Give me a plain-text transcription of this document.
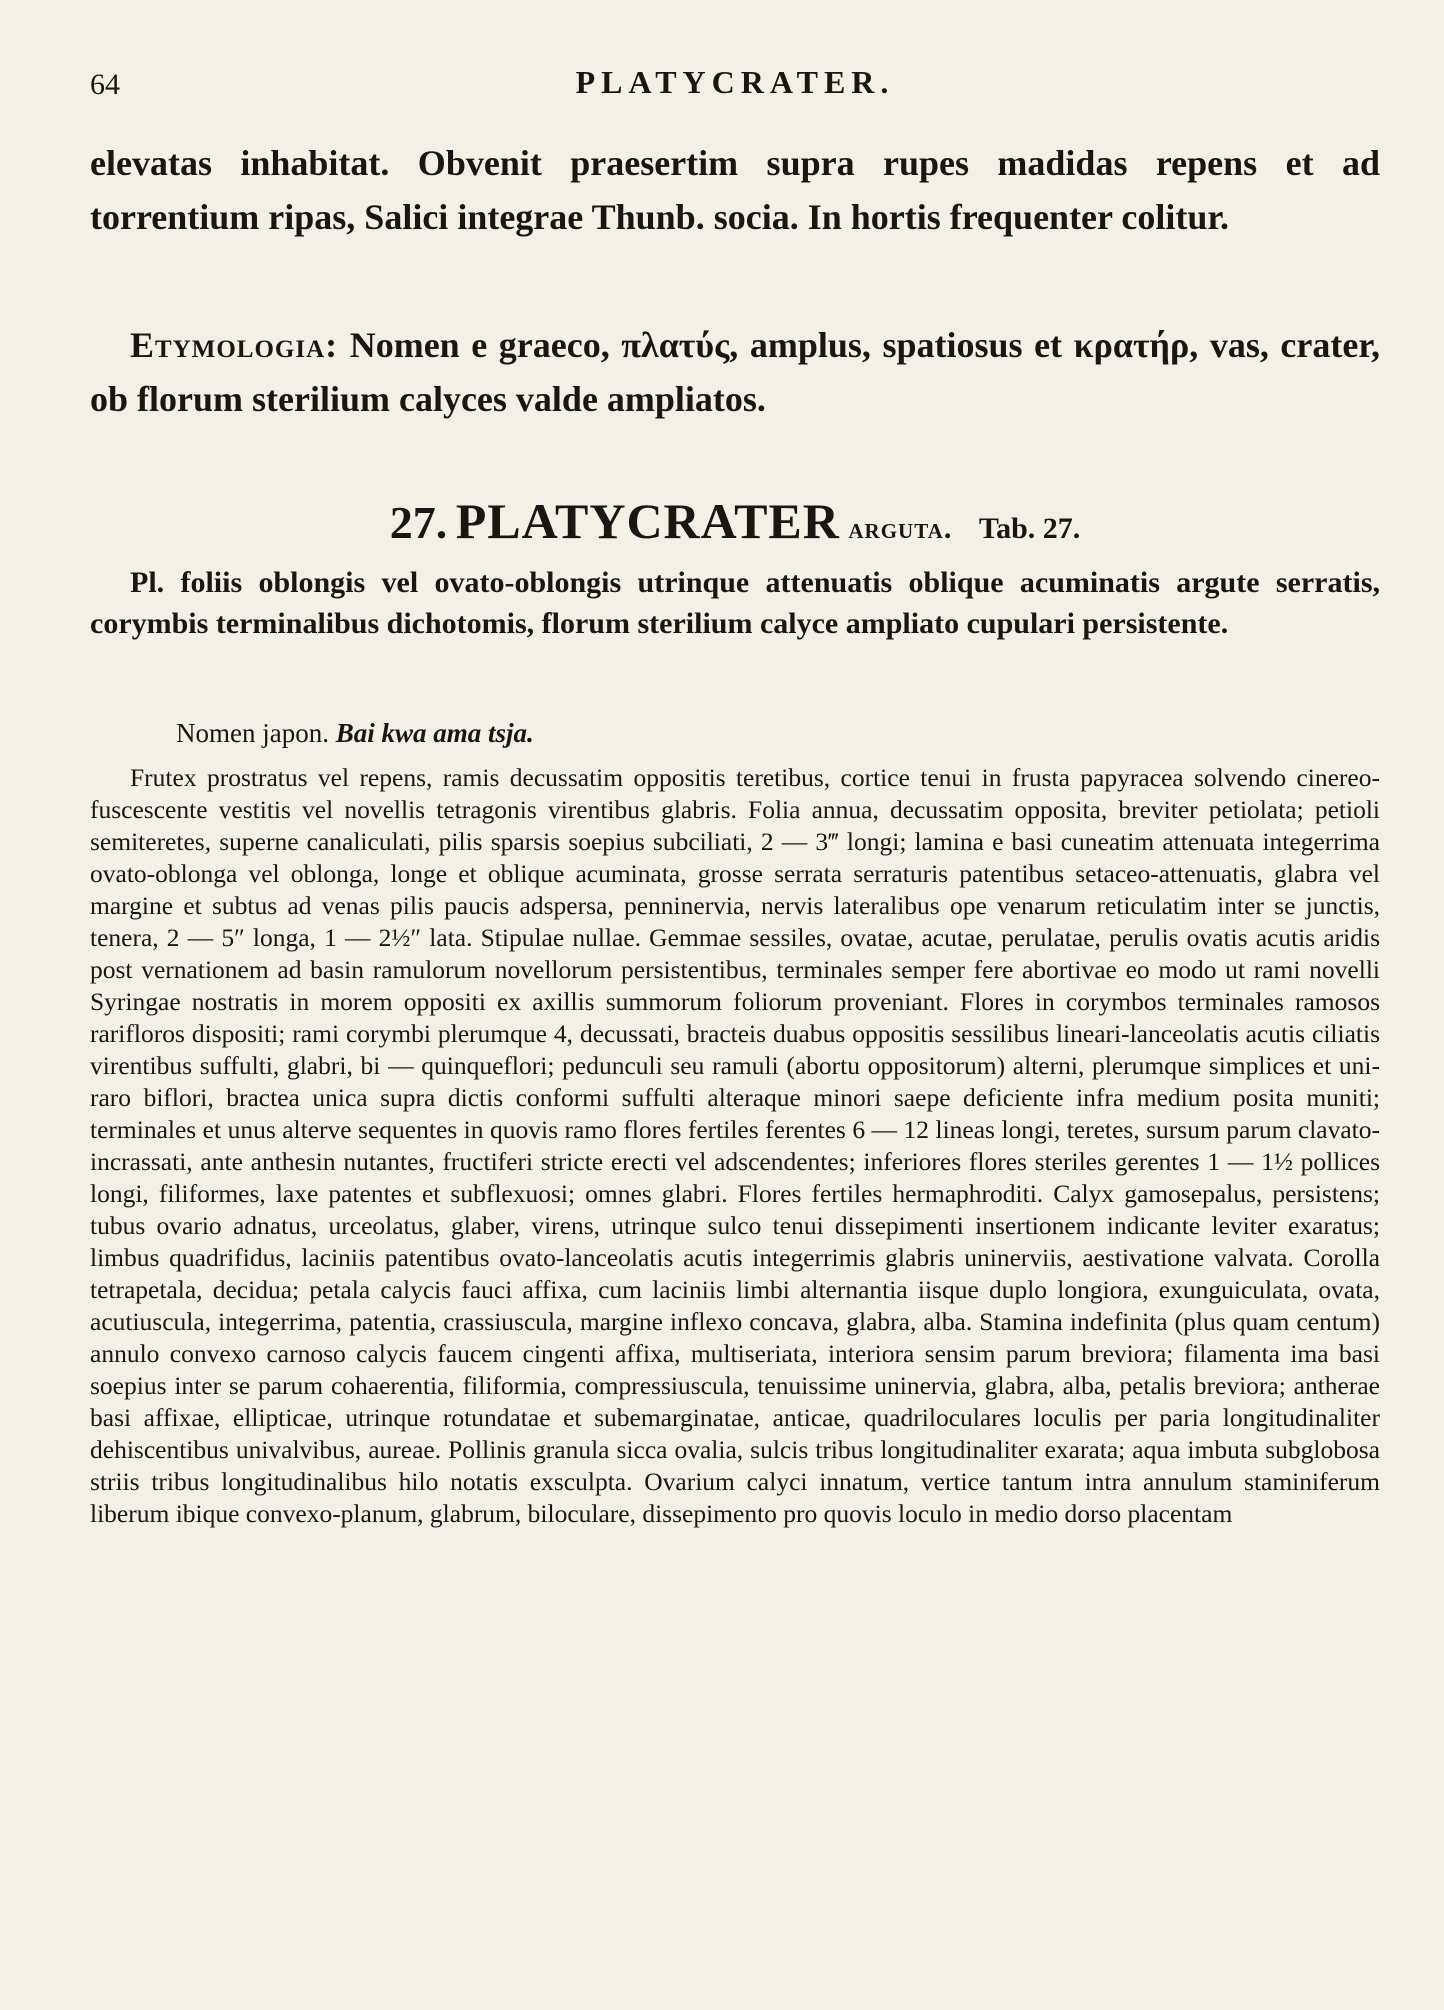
64	PLATYCRATER.
elevatas inhabitat. Obvenit praesertim supra rupes madidas repens et ad torrentium ripas, Salici integrae Thunb. socia. In hortis frequenter colitur.
Etymologia: Nomen e graeco, πλατύς, amplus, spatiosus et κρατήρ, vas, crater, ob florum sterilium calyces valde ampliatos.
27. PLATYCRATER arguta. Tab. 27.
Pl. foliis oblongis vel ovato-oblongis utrinque attenuatis oblique acuminatis argute serratis, corymbis terminalibus dichotomis, florum sterilium calyce ampliato cupulari persistente.
Nomen japon. Bai kwa ama tsja.

Frutex prostratus vel repens, ramis decussatim oppositis teretibus, cortice tenui in frusta papyracea solvendo cinereo-fuscescente vestitis vel novellis tetragonis virentibus glabris. Folia annua, decussatim opposita, breviter petiolata; petioli semiteretes, superne canaliculati, pilis sparsis soepius subciliati, 2 — 3‴ longi; lamina e basi cuneatim attenuata integerrima ovato-oblonga vel oblonga, longe et oblique acuminata, grosse serrata serraturis patentibus setaceo-attenuatis, glabra vel margine et subtus ad venas pilis paucis adspersa, penninervia, nervis lateralibus ope venarum reticulatim inter se junctis, tenera, 2 — 5″ longa, 1 — 2½″ lata. Stipulae nullae. Gemmae sessiles, ovatae, acutae, perulatae, perulis ovatis acutis aridis post vernationem ad basin ramulorum novellorum persistentibus, terminales semper fere abortivae eo modo ut rami novelli Syringae nostratis in morem oppositi ex axillis summorum foliorum proveniant. Flores in corymbos terminales ramosos rarifloros dispositi; rami corymbi plerumque 4, decussati, bracteis duabus oppositis sessilibus lineari-lanceolatis acutis ciliatis virentibus suffulti, glabri, bi — quinqueflori; pedunculi seu ramuli (abortu oppositorum) alterni, plerumque simplices et uni-raro biflori, bractea unica supra dictis conformi suffulti alteraque minori saepe deficiente infra medium posita muniti; terminales et unus alterve sequentes in quovis ramo flores fertiles ferentes 6 — 12 lineas longi, teretes, sursum parum clavato-incrassati, ante anthesin nutantes, fructiferi stricte erecti vel adscendentes; inferiores flores steriles gerentes 1 — 1½ pollices longi, filiformes, laxe patentes et subflexuosi; omnes glabri. Flores fertiles hermaphroditi. Calyx gamosepalus, persistens; tubus ovario adnatus, urceolatus, glaber, virens, utrinque sulco tenui dissepimenti insertionem indicante leviter exaratus; limbus quadrifidus, laciniis patentibus ovato-lanceolatis acutis integerrimis glabris uninerviis, aestivatione valvata. Corolla tetrapetala, decidua; petala calycis fauci affixa, cum laciniis limbi alternantia iisque duplo longiora, exunguiculata, ovata, acutiuscula, integerrima, patentia, crassiuscula, margine inflexo concava, glabra, alba. Stamina indefinita (plus quam centum) annulo convexo carnoso calycis faucem cingenti affixa, multiseriata, interiora sensim parum breviora; filamenta ima basi soepius inter se parum cohaerentia, filiformia, compressiuscula, tenuissime uninervia, glabra, alba, petalis breviora; antherae basi affixae, ellipticae, utrinque rotundatae et subemarginatae, anticae, quadriloculares loculis per paria longitudinaliter dehiscentibus univalvibus, aureae. Pollinis granula sicca ovalia, sulcis tribus longitudinaliter exarata; aqua imbuta subglobosa striis tribus longitudinalibus hilo notatis exsculpta. Ovarium calyci innatum, vertice tantum intra annulum staminiferum liberum ibique convexo-planum, glabrum, biloculare, dissepimento pro quovis loculo in medio dorso placentam
